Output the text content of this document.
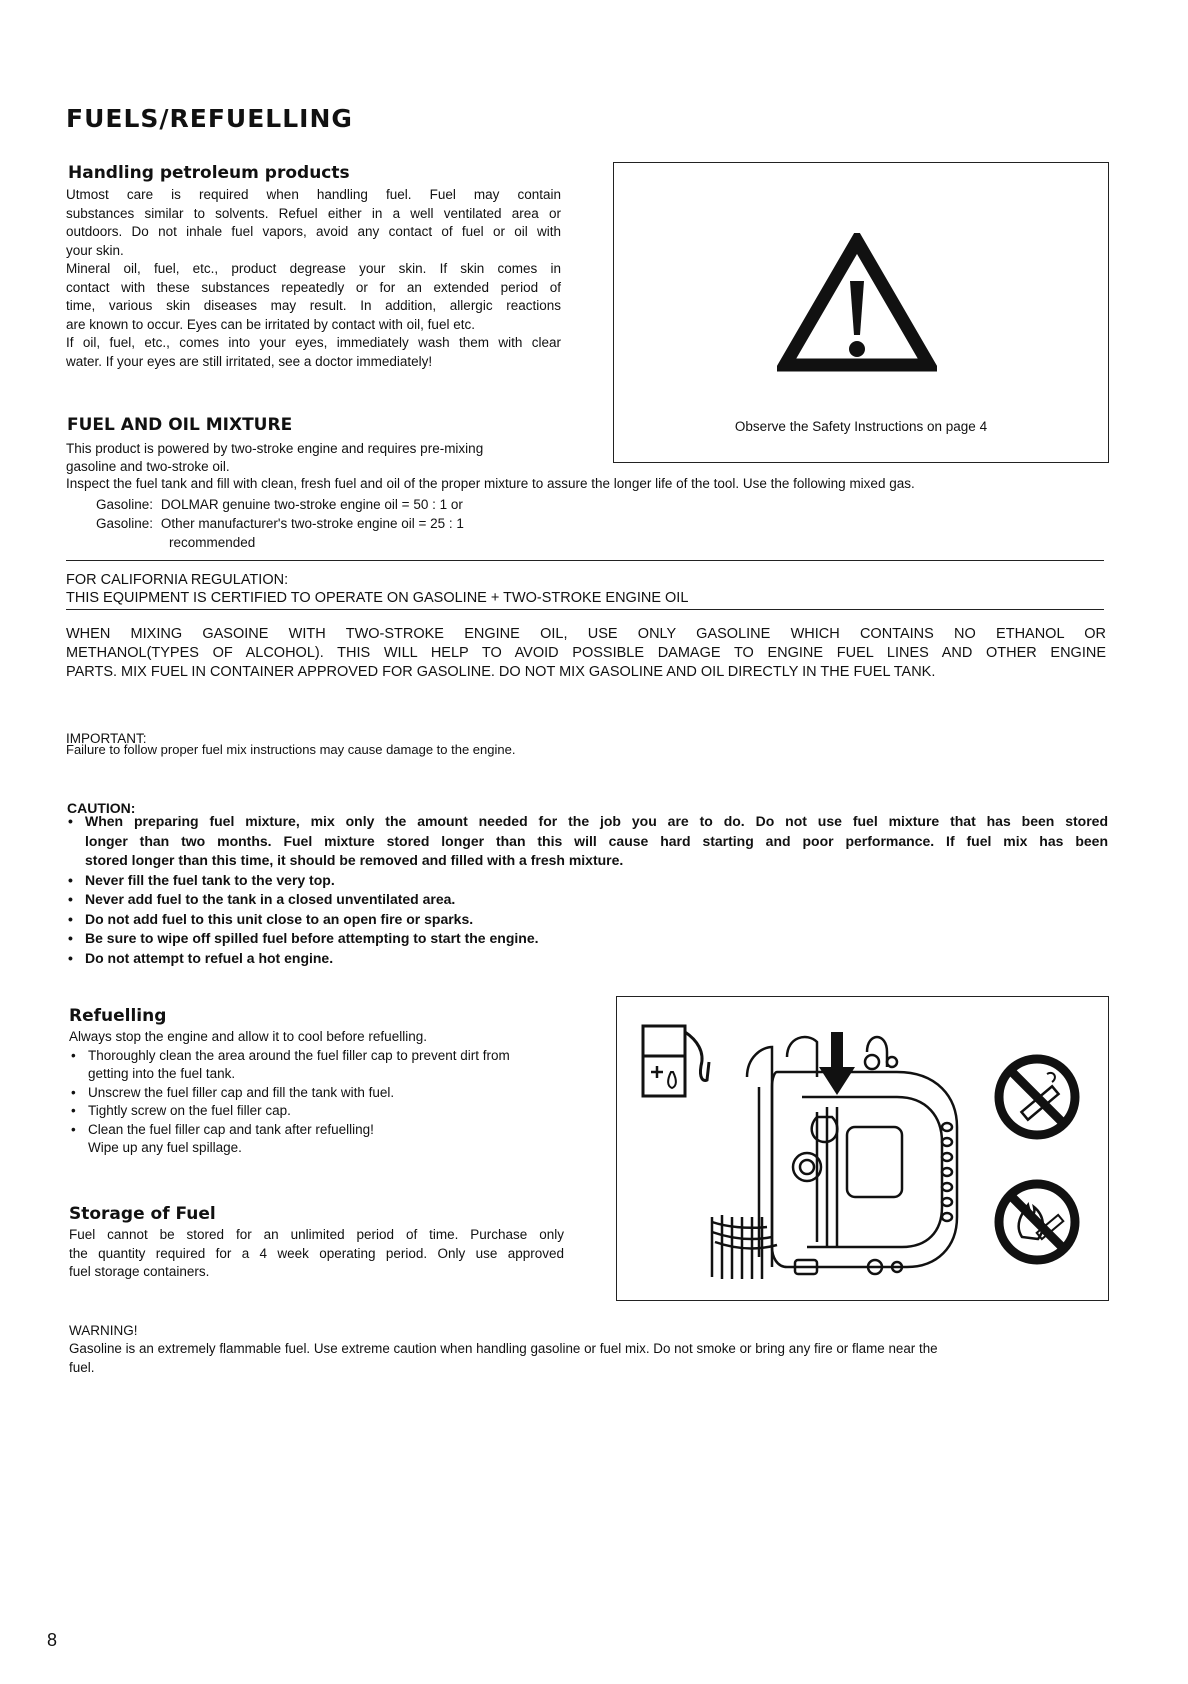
FUELS/REFUELLING
Handling petroleum products
Utmost care is required when handling fuel. Fuel may contain
substances similar to solvents. Refuel either in a well ventilated area or
outdoors. Do not inhale fuel vapors, avoid any contact of fuel or oil with
your skin.
Mineral oil, fuel, etc., product degrease your skin. If skin comes in
contact with these substances repeatedly or for an extended period of
time, various skin diseases may result. In addition, allergic reactions
are known to occur. Eyes can be irritated by contact with oil, fuel etc.
If oil, fuel, etc., comes into your eyes, immediately wash them with clear
water. If your eyes are still irritated, see a doctor immediately!
Observe the Safety Instructions on page 4
FUEL AND OIL MIXTURE
This product is powered by two-stroke engine and requires pre-mixing
gasoline and two-stroke oil.
Inspect the fuel tank and fill with clean, fresh fuel and oil of the proper mixture to assure the longer life of the tool. Use the following mixed gas.
Gasoline: DOLMAR genuine two-stroke engine oil = 50 : 1 or
Gasoline: Other manufacturer's two-stroke engine oil = 25 : 1
recommended
FOR CALIFORNIA REGULATION:
THIS EQUIPMENT IS CERTIFIED TO OPERATE ON GASOLINE + TWO-STROKE ENGINE OIL
WHEN MIXING GASOINE WITH TWO-STROKE ENGINE OIL, USE ONLY GASOLINE WHICH CONTAINS NO ETHANOL OR
METHANOL(TYPES OF ALCOHOL). THIS WILL HELP TO AVOID POSSIBLE DAMAGE TO ENGINE FUEL LINES AND OTHER ENGINE
PARTS. MIX FUEL IN CONTAINER APPROVED FOR GASOLINE. DO NOT MIX GASOLINE AND OIL DIRECTLY IN THE FUEL TANK.
IMPORTANT:
Failure to follow proper fuel mix instructions may cause damage to the engine.
CAUTION:
• When preparing fuel mixture, mix only the amount needed for the job you are to do. Do not use fuel mixture that has been stored
longer than two months. Fuel mixture stored longer than this will cause hard starting and poor performance. If fuel mix has been
stored longer than this time, it should be removed and filled with a fresh mixture.
• Never fill the fuel tank to the very top.
• Never add fuel to the tank in a closed unventilated area.
• Do not add fuel to this unit close to an open fire or sparks.
• Be sure to wipe off spilled fuel before attempting to start the engine.
• Do not attempt to refuel a hot engine.
Refuelling
Always stop the engine and allow it to cool before refuelling.
• Thoroughly clean the area around the fuel filler cap to prevent dirt from
getting into the fuel tank.
• Unscrew the fuel filler cap and fill the tank with fuel.
• Tightly screw on the fuel filler cap.
• Clean the fuel filler cap and tank after refuelling!
Wipe up any fuel spillage.
Storage of Fuel
Fuel cannot be stored for an unlimited period of time. Purchase only
the quantity required for a 4 week operating period. Only use approved
fuel storage containers.
WARNING!
Gasoline is an extremely flammable fuel. Use extreme caution when handling gasoline or fuel mix. Do not smoke or bring any fire or flame near the
fuel.
8
